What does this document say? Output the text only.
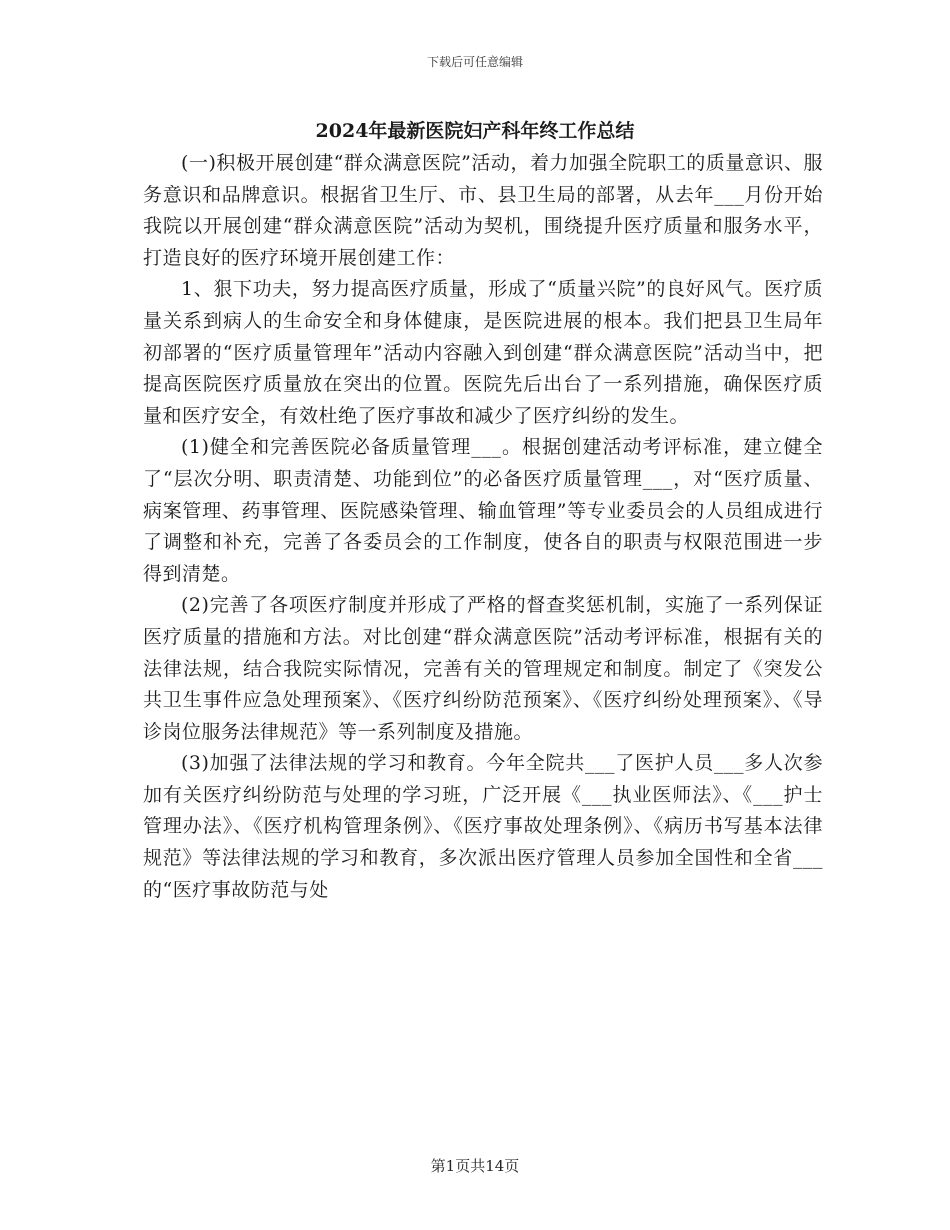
下载后可任意编辑
2024年最新医院妇产科年终工作总结

(一)积极开展创建“群众满意医院”活动，着力加强全院职工的质量意识、服务意识和品牌意识。根据省卫生厅、市、县卫生局的部署，从去年___月份开始我院以开展创建“群众满意医院”活动为契机，围绕提升医疗质量和服务水平，打造良好的医疗环境开展创建工作：

1、狠下功夫，努力提高医疗质量，形成了“质量兴院”的良好风气。医疗质量关系到病人的生命安全和身体健康，是医院进展的根本。我们把县卫生局年初部署的“医疗质量管理年”活动内容融入到创建“群众满意医院”活动当中，把提高医院医疗质量放在突出的位置。医院先后出台了一系列措施，确保医疗质量和医疗安全，有效杜绝了医疗事故和减少了医疗纠纷的发生。

(1)健全和完善医院必备质量管理___。根据创建活动考评标准，建立健全了“层次分明、职责清楚、功能到位”的必备医疗质量管理___，对“医疗质量、病案管理、药事管理、医院感染管理、输血管理”等专业委员会的人员组成进行了调整和补充，完善了各委员会的工作制度，使各自的职责与权限范围进一步得到清楚。

(2)完善了各项医疗制度并形成了严格的督查奖惩机制，实施了一系列保证医疗质量的措施和方法。对比创建“群众满意医院”活动考评标准，根据有关的法律法规，结合我院实际情况，完善有关的管理规定和制度。制定了《突发公共卫生事件应急处理预案》、《医疗纠纷防范预案》、《医疗纠纷处理预案》、《导诊岗位服务法律规范》等一系列制度及措施。

(3)加强了法律法规的学习和教育。今年全院共___了医护人员___多人次参加有关医疗纠纷防范与处理的学习班，广泛开展《___执业医师法》、《___护士管理办法》、《医疗机构管理条例》、《医疗事故处理条例》、《病历书写基本法律规范》等法律法规的学习和教育，多次派出医疗管理人员参加全国性和全省___的“医疗事故防范与处

第1页共14页
